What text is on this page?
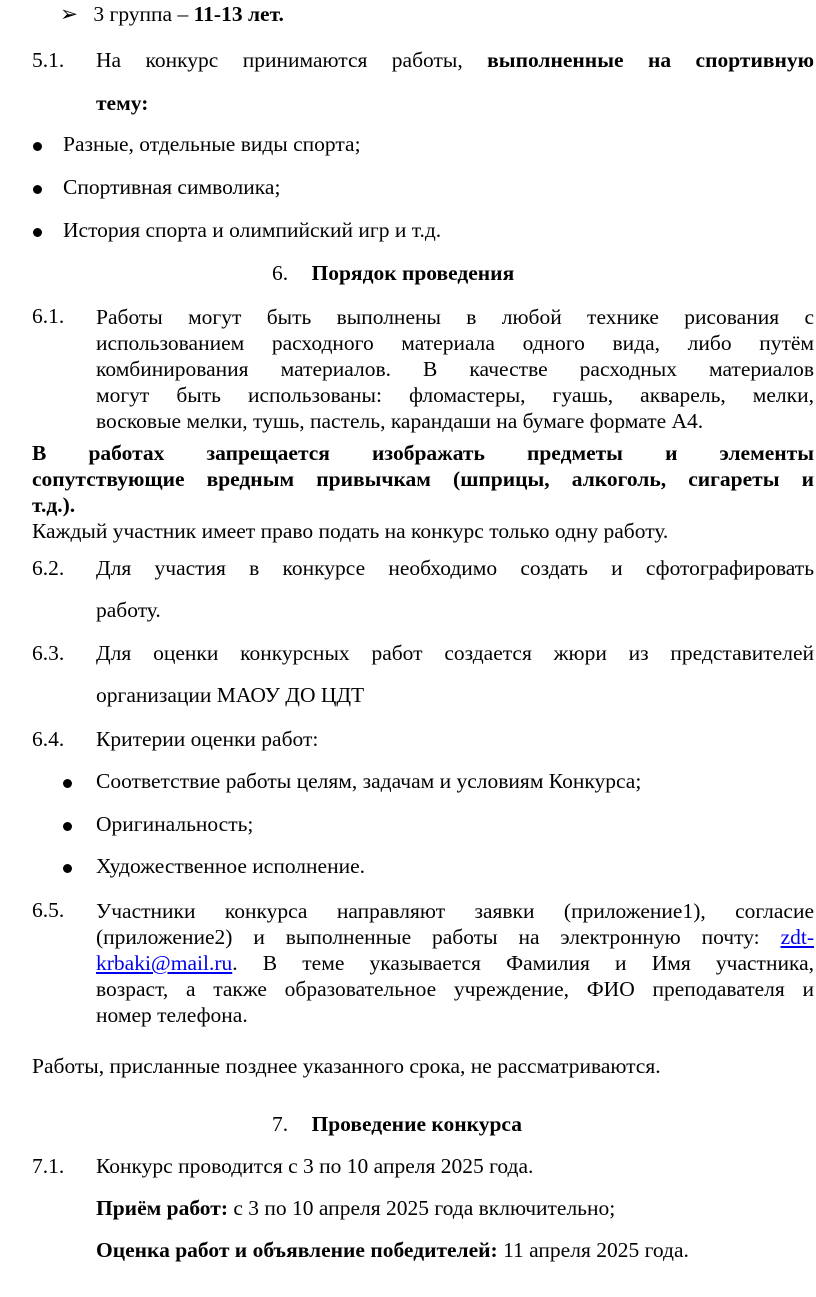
➢ 3 группа – 11-13 лет.
5.1. На конкурс принимаются работы, выполненные на спортивную
тему:
Разные, отдельные виды спорта;
Спортивная символика;
История спорта и олимпийский игр и т.д.
6. Порядок проведения
6.1. Работы могут быть выполнены в любой технике рисования с
использованием расходного материала одного вида, либо путём
комбинирования материалов. В качестве расходных материалов
могут быть использованы: фломастеры, гуашь, акварель, мелки,
восковые мелки, тушь, пастель, карандаши на бумаге формате А4.
В работах запрещается изображать предметы и элементы
сопутствующие вредным привычкам (шприцы, алкоголь, сигареты и
т.д.).
Каждый участник имеет право подать на конкурс только одну работу.
6.2. Для участия в конкурсе необходимо создать и сфотографировать
работу.
6.3. Для оценки конкурсных работ создается жюри из представителей
организации МАОУ ДО ЦДТ
6.4. Критерии оценки работ:
Соответствие работы целям, задачам и условиям Конкурса;
Оригинальность;
Художественное исполнение.
6.5. Участники конкурса направляют заявки (приложение1), согласие
(приложение2) и выполненные работы на электронную почту: zdt-
krbaki@mail.ru. В теме указывается Фамилия и Имя участника,
возраст, а также образовательное учреждение, ФИО преподавателя и
номер телефона.
Работы, присланные позднее указанного срока, не рассматриваются.
7. Проведение конкурса
7.1. Конкурс проводится с 3 по 10 апреля 2025 года.
Приём работ: с 3 по 10 апреля 2025 года включительно;
Оценка работ и объявление победителей: 11 апреля 2025 года.
